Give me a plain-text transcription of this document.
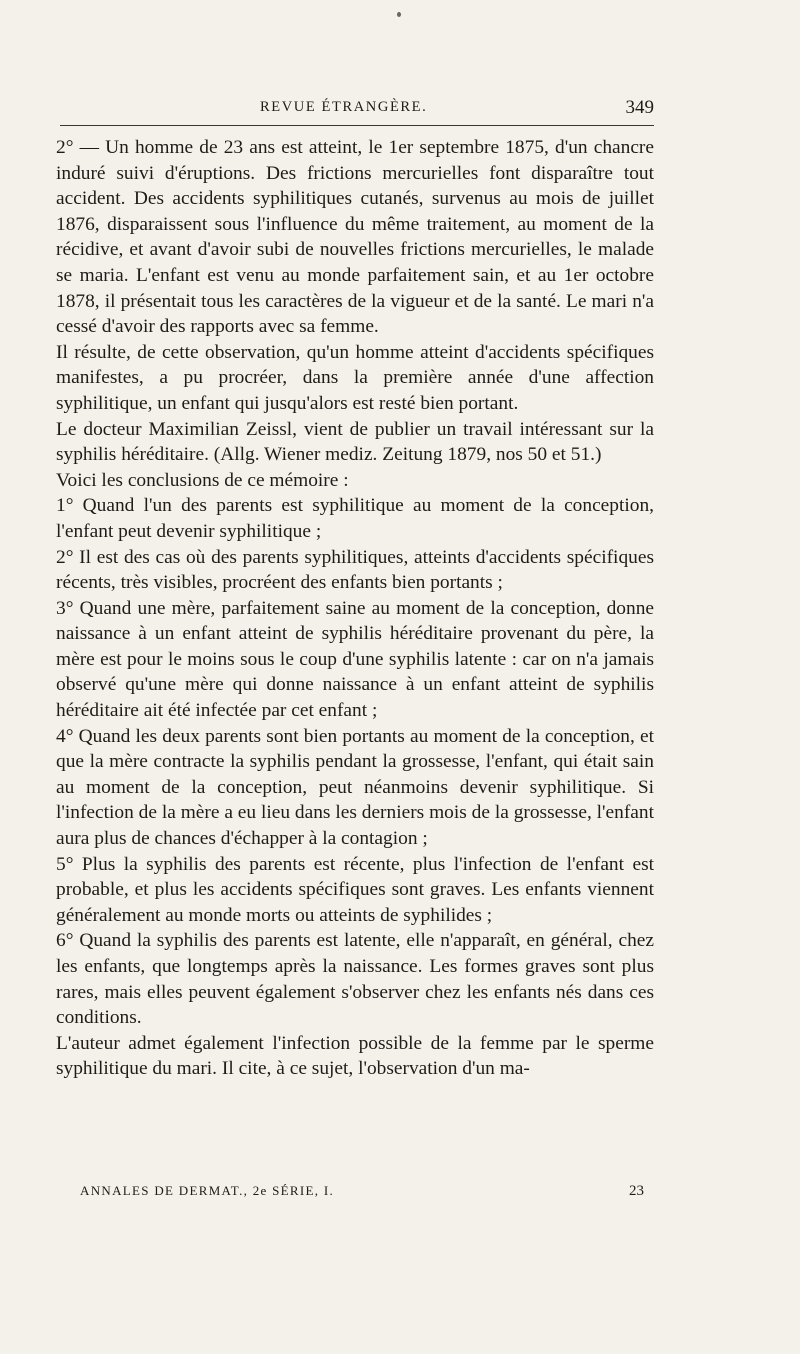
REVUE ÉTRANGÈRE.	349

2° — Un homme de 23 ans est atteint, le 1er septembre 1875, d'un chancre induré suivi d'éruptions. Des frictions mercurielles font disparaître tout accident. Des accidents syphilitiques cutanés, survenus au mois de juillet 1876, disparaissent sous l'influence du même traitement, au moment de la récidive, et avant d'avoir subi de nouvelles frictions mercurielles, le malade se maria. L'enfant est venu au monde parfaitement sain, et au 1er octobre 1878, il présentait tous les caractères de la vigueur et de la santé. Le mari n'a cessé d'avoir des rapports avec sa femme.

Il résulte, de cette observation, qu'un homme atteint d'accidents spécifiques manifestes, a pu procréer, dans la première année d'une affection syphilitique, un enfant qui jusqu'alors est resté bien portant.

Le docteur Maximilian Zeissl, vient de publier un travail intéressant sur la syphilis héréditaire. (Allg. Wiener mediz. Zeitung 1879, nos 50 et 51.)

Voici les conclusions de ce mémoire :

1° Quand l'un des parents est syphilitique au moment de la conception, l'enfant peut devenir syphilitique ;

2° Il est des cas où des parents syphilitiques, atteints d'accidents spécifiques récents, très visibles, procréent des enfants bien portants ;

3° Quand une mère, parfaitement saine au moment de la conception, donne naissance à un enfant atteint de syphilis héréditaire provenant du père, la mère est pour le moins sous le coup d'une syphilis latente : car on n'a jamais observé qu'une mère qui donne naissance à un enfant atteint de syphilis héréditaire ait été infectée par cet enfant ;

4° Quand les deux parents sont bien portants au moment de la conception, et que la mère contracte la syphilis pendant la grossesse, l'enfant, qui était sain au moment de la conception, peut néanmoins devenir syphilitique. Si l'infection de la mère a eu lieu dans les derniers mois de la grossesse, l'enfant aura plus de chances d'échapper à la contagion ;

5° Plus la syphilis des parents est récente, plus l'infection de l'enfant est probable, et plus les accidents spécifiques sont graves. Les enfants viennent généralement au monde morts ou atteints de syphilides ;

6° Quand la syphilis des parents est latente, elle n'apparaît, en général, chez les enfants, que longtemps après la naissance. Les formes graves sont plus rares, mais elles peuvent également s'observer chez les enfants nés dans ces conditions.

L'auteur admet également l'infection possible de la femme par le sperme syphilitique du mari. Il cite, à ce sujet, l'observation d'un ma-

ANNALES DE DERMAT., 2e SÉRIE, I.	23
